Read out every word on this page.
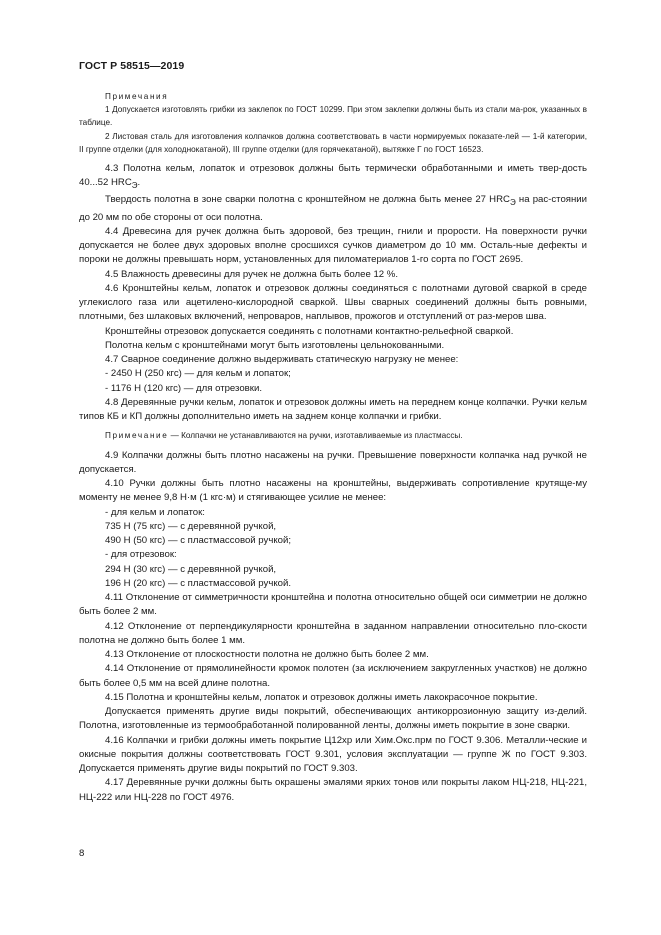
ГОСТ Р 58515—2019

Примечания

1 Допускается изготовлять грибки из заклепок по ГОСТ 10299. При этом заклепки должны быть из стали ма-рок, указанных в таблице.

2 Листовая сталь для изготовления колпачков должна соответствовать в части нормируемых показате-лей — 1-й категории, II группе отделки (для холоднокатаной), III группе отделки (для горячекатаной), вытяжке Г по ГОСТ 16523.

4.3 Полотна кельм, лопаток и отрезовок должны быть термически обработанными и иметь твер-дость 40...52 $HRC_Э$.

Твердость полотна в зоне сварки полотна с кронштейном не должна быть менее 27 $HRC_Э$ на рас-стоянии до 20 мм по обе стороны от оси полотна.

4.4 Древесина для ручек должна быть здоровой, без трещин, гнили и прорости. На поверхности ручки допускается не более двух здоровых вполне сросшихся сучков диаметром до 10 мм. Осталь-ные дефекты и пороки не должны превышать норм, установленных для пиломатериалов 1-го сорта по ГОСТ 2695.

4.5 Влажность древесины для ручек не должна быть более 12 %.

4.6 Кронштейны кельм, лопаток и отрезовок должны соединяться с полотнами дуговой сваркой в среде углекислого газа или ацетилено-кислородной сваркой. Швы сварных соединений должны быть ровными, плотными, без шлаковых включений, непроваров, наплывов, прожогов и отступлений от раз-меров шва.

Кронштейны отрезовок допускается соединять с полотнами контактно-рельефной сваркой.

Полотна кельм с кронштейнами могут быть изготовлены цельнокованными.

4.7 Сварное соединение должно выдерживать статическую нагрузку не менее:

- 2450 Н (250 кгс) — для кельм и лопаток;

- 1176 Н (120 кгс) — для отрезовки.

4.8 Деревянные ручки кельм, лопаток и отрезовок должны иметь на переднем конце колпачки. Ручки кельм типов КБ и КП должны дополнительно иметь на заднем конце колпачки и грибки.

Примечание — Колпачки не устанавливаются на ручки, изготавливаемые из пластмассы.

4.9 Колпачки должны быть плотно насажены на ручки. Превышение поверхности колпачка над ручкой не допускается.

4.10 Ручки должны быть плотно насажены на кронштейны, выдерживать сопротивление крутяще-му моменту не менее 9,8 Н·м (1 кгс·м) и стягивающее усилие не менее:

- для кельм и лопаток:

735 Н (75 кгс) — с деревянной ручкой,

490 Н (50 кгс) — с пластмассовой ручкой;

- для отрезовок:

294 Н (30 кгс) — с деревянной ручкой,

196 Н (20 кгс) — с пластмассовой ручкой.

4.11 Отклонение от симметричности кронштейна и полотна относительно общей оси симметрии не должно быть более 2 мм.

4.12 Отклонение от перпендикулярности кронштейна в заданном направлении относительно пло-скости полотна не должно быть более 1 мм.

4.13 Отклонение от плоскостности полотна не должно быть более 2 мм.

4.14 Отклонение от прямолинейности кромок полотен (за исключением закругленных участков) не должно быть более 0,5 мм на всей длине полотна.

4.15 Полотна и кронштейны кельм, лопаток и отрезовок должны иметь лакокрасочное покрытие.

Допускается применять другие виды покрытий, обеспечивающих антикоррозионную защиту из-делий. Полотна, изготовленные из термообработанной полированной ленты, должны иметь покрытие в зоне сварки.

4.16 Колпачки и грибки должны иметь покрытие Ц12хр или Хим.Окс.прм по ГОСТ 9.306. Металли-ческие и окисные покрытия должны соответствовать ГОСТ 9.301, условия эксплуатации — группе Ж по ГОСТ 9.303. Допускается применять другие виды покрытий по ГОСТ 9.303.

4.17 Деревянные ручки должны быть окрашены эмалями ярких тонов или покрыты лаком НЦ-218, НЦ-221, НЦ-222 или НЦ-228 по ГОСТ 4976.

8
